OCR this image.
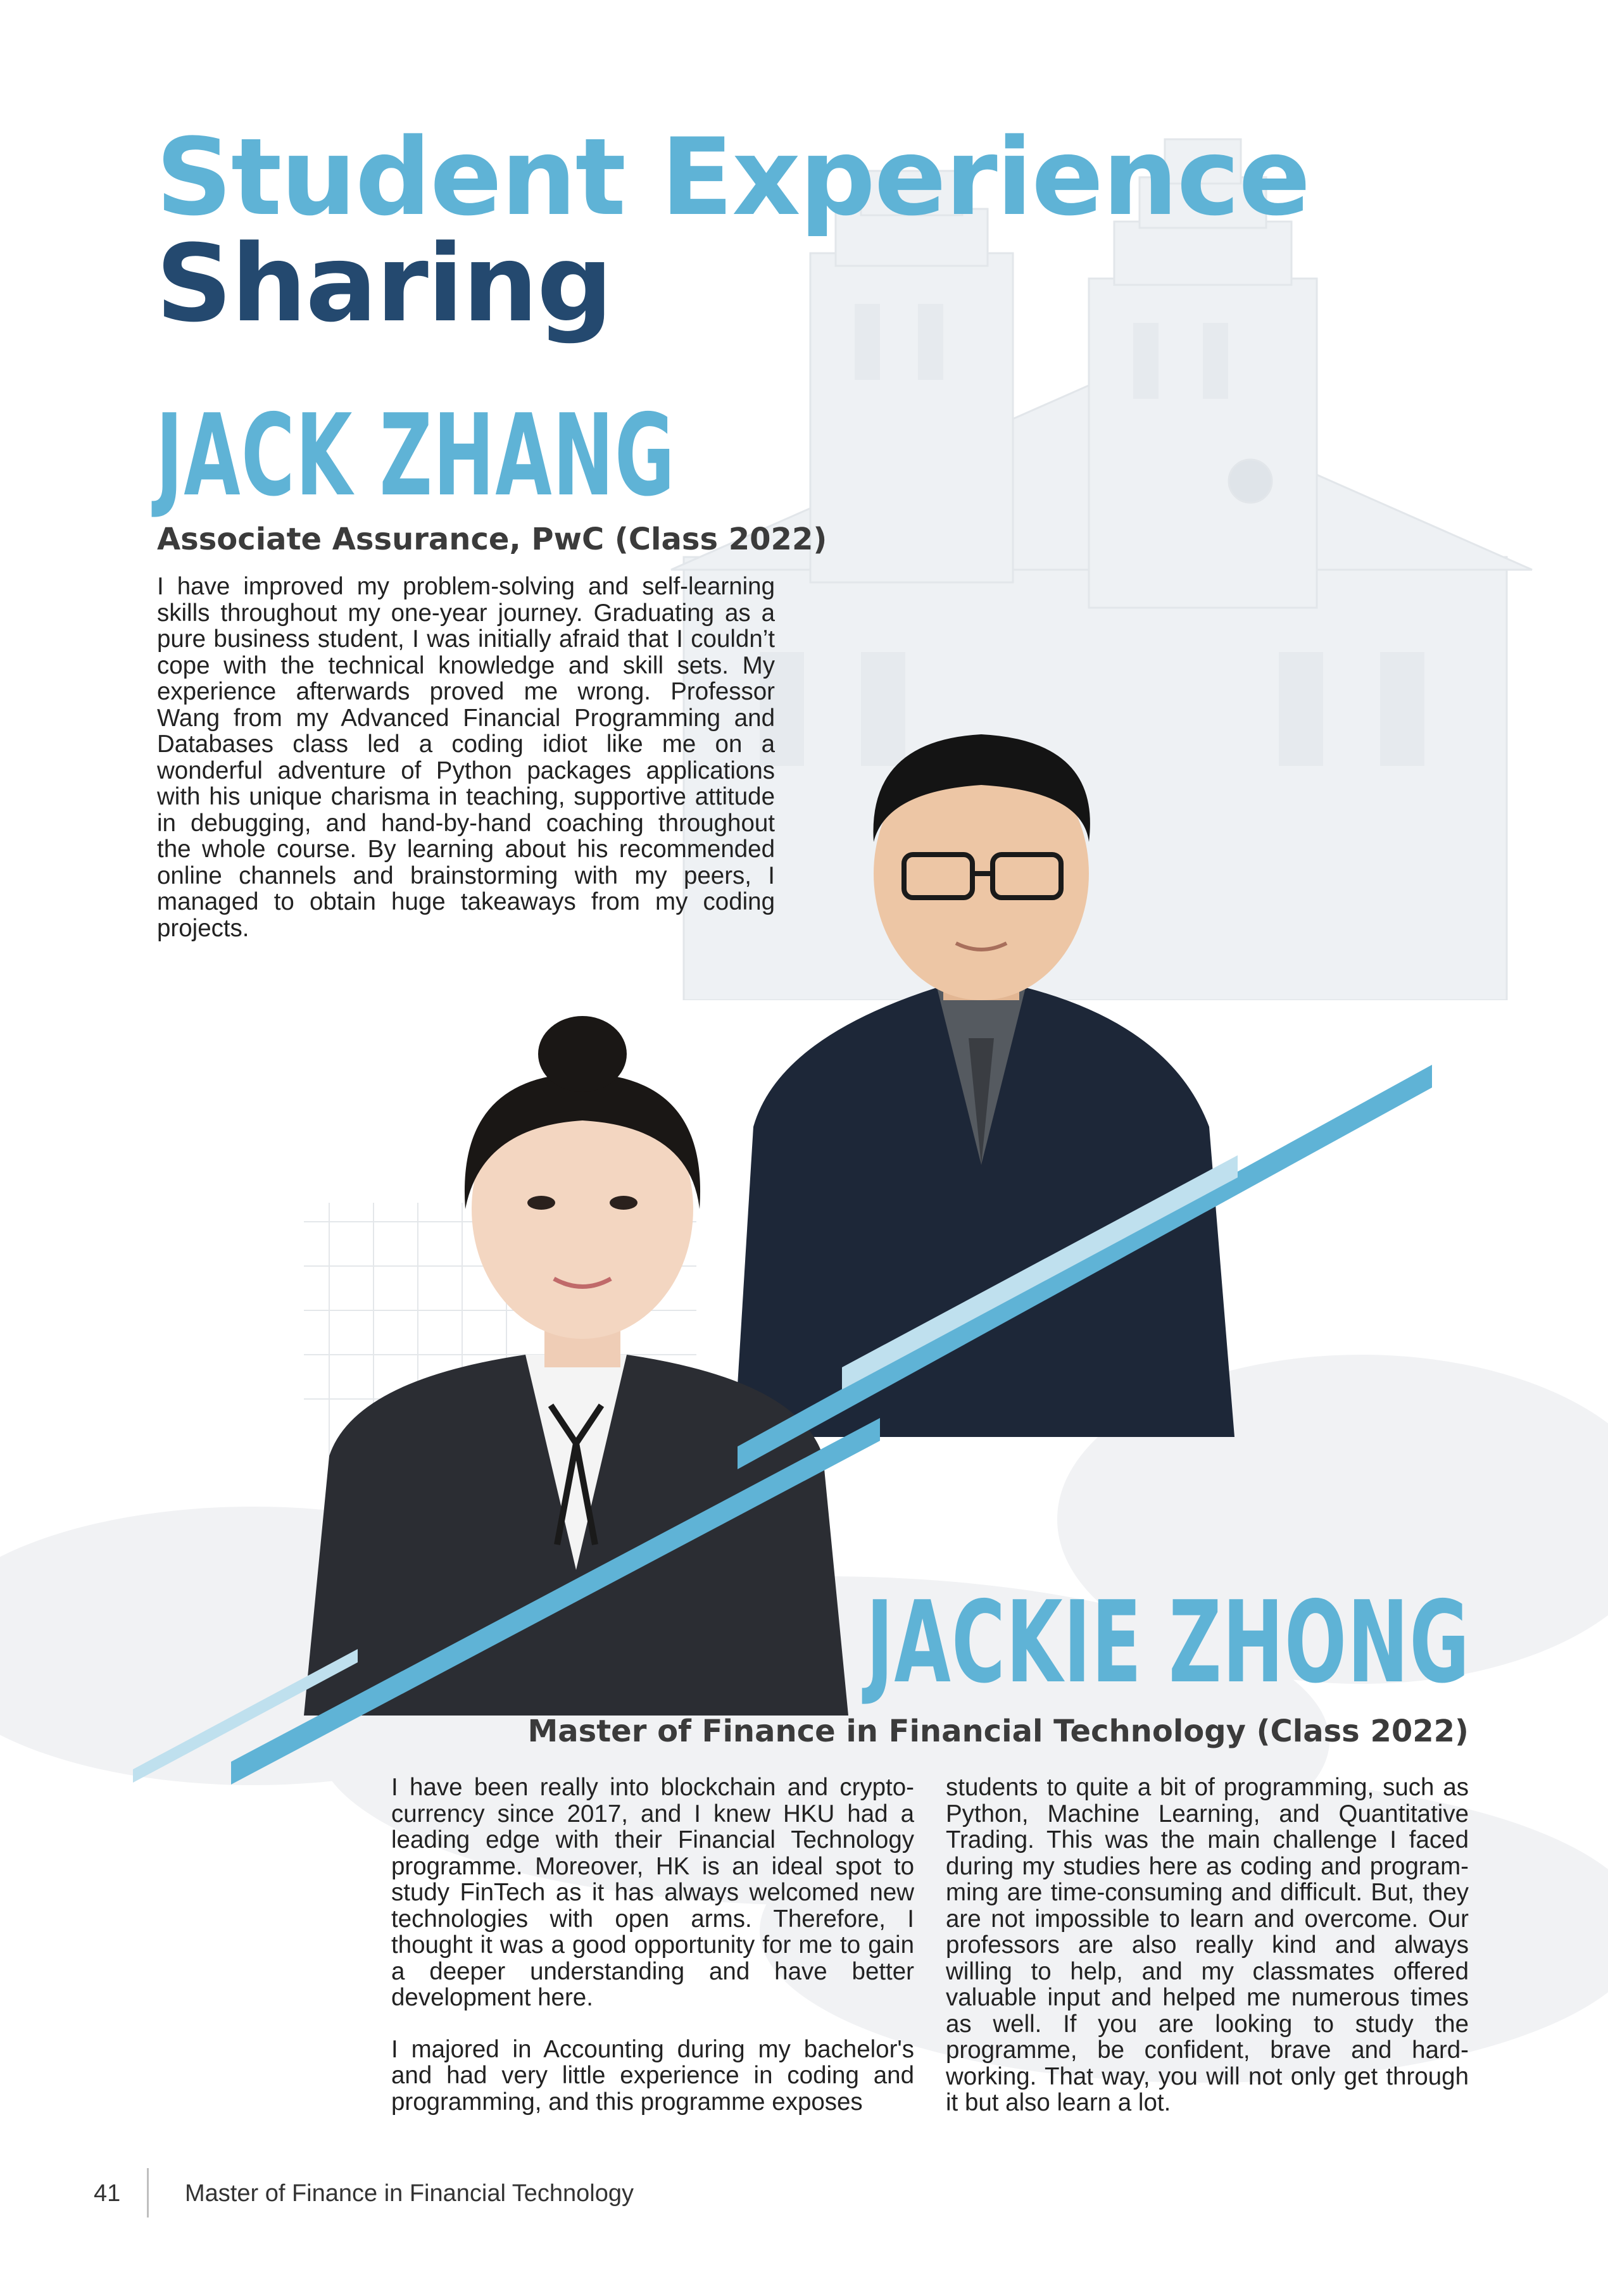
Student Experience
Sharing
JACK ZHANG
Associate Assurance, PwC (Class 2022)

I have improved my problem-solving and self-learning skills throughout my one-year journey. Graduating as a pure business student, I was initially afraid that I couldn’t cope with the technical knowledge and skill sets. My experience afterwards proved me wrong. Professor Wang from my Advanced Financial Programming and Databases class led a coding idiot like me on a wonderful adventure of Python packages applications with his unique charisma in teaching, supportive attitude in debugging, and hand-by-hand coaching throughout the whole course. By learning about his recommended online channels and brainstorming with my peers, I managed to obtain huge takeaways from my coding projects.

JACKIE ZHONG
Master of Finance in Financial Technology (Class 2022)

I have been really into blockchain and crypto-currency since 2017, and I knew HKU had a leading edge with their Financial Technology programme. Moreover, HK is an ideal spot to study FinTech as it has always welcomed new technologies with open arms. Therefore, I thought it was a good opportunity for me to gain a deeper understanding and have better development here.

I majored in Accounting during my bachelor's and had very little experience in coding and programming, and this programme exposes

students to quite a bit of programming, such as Python, Machine Learning, and Quantitative Trading. This was the main challenge I faced during my studies here as coding and program-ming are time-consuming and difficult. But, they are not impossible to learn and overcome. Our professors are also really kind and always willing to help, and my classmates offered valuable input and helped me numerous times as well. If you are looking to study the programme, be confident, brave and hard-working. That way, you will not only get through it but also learn a lot.

41	Master of Finance in Financial Technology
